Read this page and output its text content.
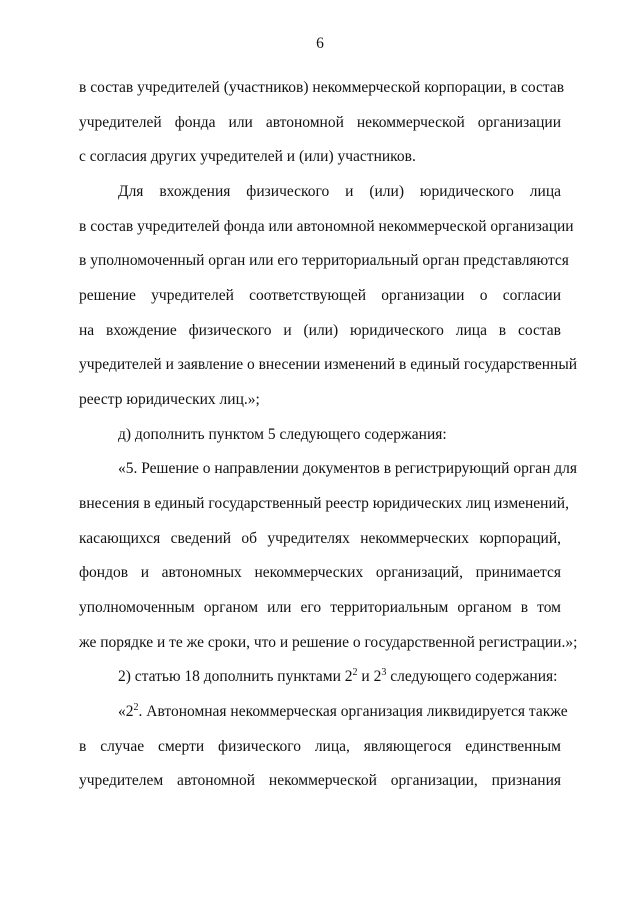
6
в состав учредителей (участников) некоммерческой корпорации, в состав
учредителей фонда или автономной некоммерческой организации
с согласия других учредителей и (или) участников.
Для вхождения физического и (или) юридического лица
в состав учредителей фонда или автономной некоммерческой организации
в уполномоченный орган или его территориальный орган представляются
решение учредителей соответствующей организации о согласии
на вхождение физического и (или) юридического лица в состав
учредителей и заявление о внесении изменений в единый государственный
реестр юридических лиц.»;
д) дополнить пунктом 5 следующего содержания:
«5. Решение о направлении документов в регистрирующий орган для
внесения в единый государственный реестр юридических лиц изменений,
касающихся сведений об учредителях некоммерческих корпораций,
фондов и автономных некоммерческих организаций, принимается
уполномоченным органом или его территориальным органом в том
же порядке и те же сроки, что и решение о государственной регистрации.»;
2) статью 18 дополнить пунктами $2^2$ и $2^3$ следующего содержания:
«$2^2$. Автономная некоммерческая организация ликвидируется также
в случае смерти физического лица, являющегося единственным
учредителем автономной некоммерческой организации, признания
